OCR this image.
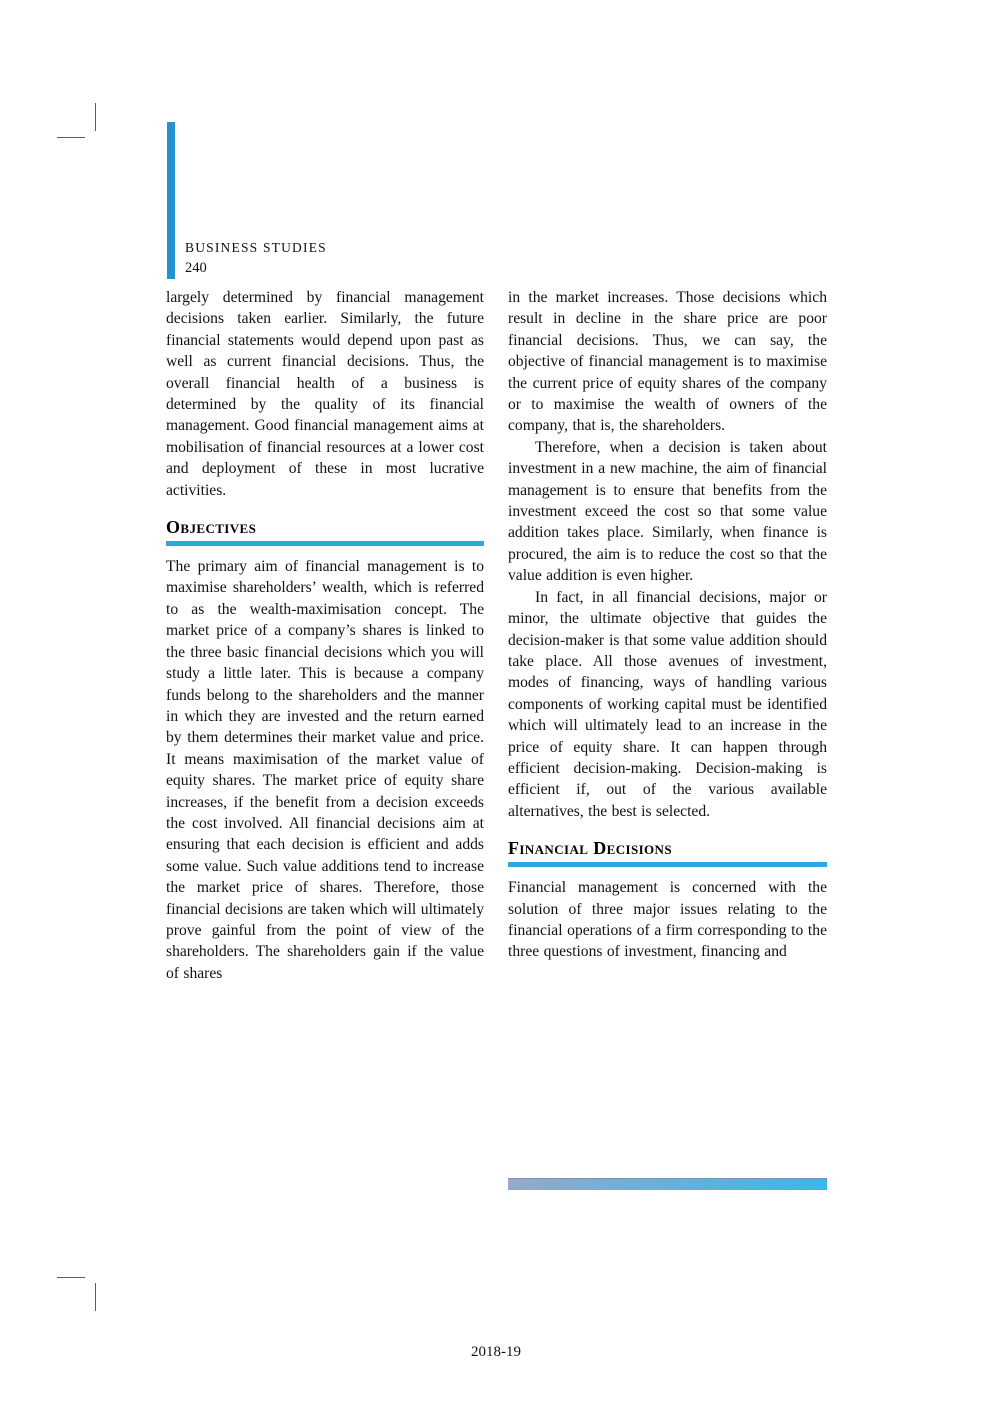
BUSINESS STUDIES
240

largely determined by financial management decisions taken earlier. Similarly, the future financial statements would depend upon past as well as current financial decisions. Thus, the overall financial health of a business is determined by the quality of its financial management. Good financial management aims at mobilisation of financial resources at a lower cost and deployment of these in most lucrative activities.

Objectives

The primary aim of financial management is to maximise shareholders’ wealth, which is referred to as the wealth-maximisation concept. The market price of a company’s shares is linked to the three basic financial decisions which you will study a little later. This is because a company funds belong to the shareholders and the manner in which they are invested and the return earned by them determines their market value and price. It means maximisation of the market value of equity shares. The market price of equity share increases, if the benefit from a decision exceeds the cost involved. All financial decisions aim at ensuring that each decision is efficient and adds some value. Such value additions tend to increase the market price of shares. Therefore, those financial decisions are taken which will ultimately prove gainful from the point of view of the shareholders. The shareholders gain if the value of shares

in the market increases. Those decisions which result in decline in the share price are poor financial decisions. Thus, we can say, the objective of financial management is to maximise the current price of equity shares of the company or to maximise the wealth of owners of the company, that is, the shareholders.

Therefore, when a decision is taken about investment in a new machine, the aim of financial management is to ensure that benefits from the investment exceed the cost so that some value addition takes place. Similarly, when finance is procured, the aim is to reduce the cost so that the value addition is even higher.

In fact, in all financial decisions, major or minor, the ultimate objective that guides the decision-maker is that some value addition should take place. All those avenues of investment, modes of financing, ways of handling various components of working capital must be identified which will ultimately lead to an increase in the price of equity share. It can happen through efficient decision-making. Decision-making is efficient if, out of the various available alternatives, the best is selected.

Financial Decisions

Financial management is concerned with the solution of three major issues relating to the financial operations of a firm corresponding to the three questions of investment, financing and

2018-19
